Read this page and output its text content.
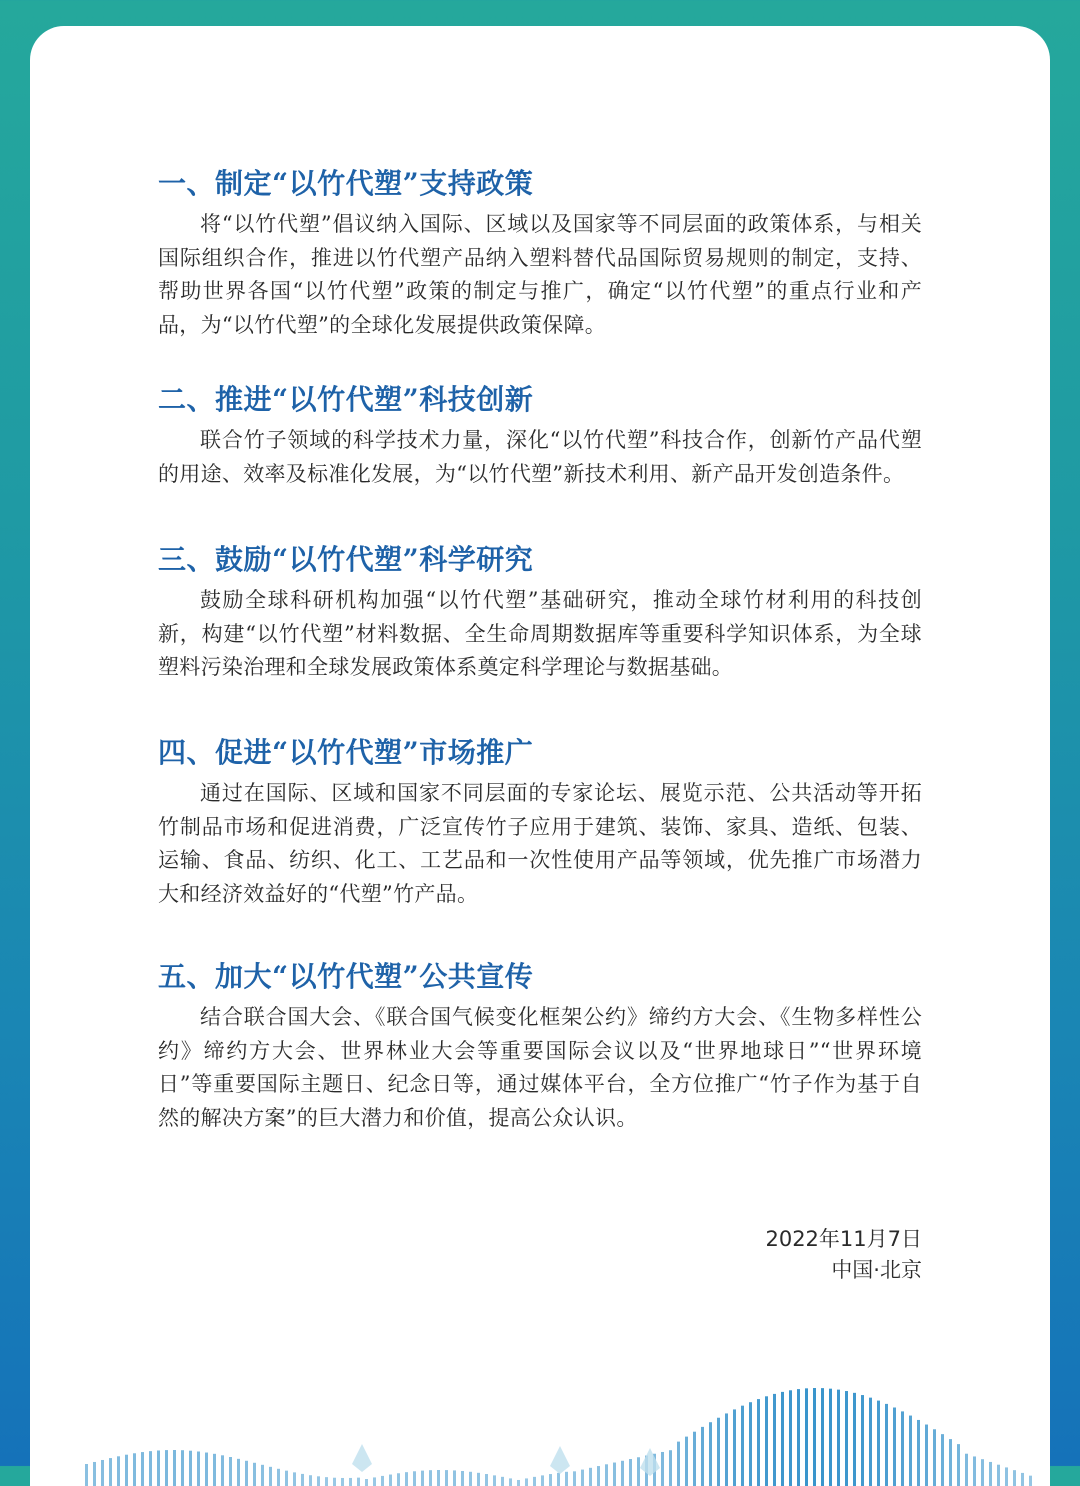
一、制定“以竹代塑”支持政策

将“以竹代塑”倡议纳入国际、区域以及国家等不同层面的政策体系，与相关国际组织合作，推进以竹代塑产品纳入塑料替代品国际贸易规则的制定，支持、帮助世界各国“以竹代塑”政策的制定与推广，确定“以竹代塑”的重点行业和产品，为“以竹代塑”的全球化发展提供政策保障。

二、推进“以竹代塑”科技创新

联合竹子领域的科学技术力量，深化“以竹代塑”科技合作，创新竹产品代塑的用途、效率及标准化发展，为“以竹代塑”新技术利用、新产品开发创造条件。

三、鼓励“以竹代塑”科学研究

鼓励全球科研机构加强“以竹代塑”基础研究，推动全球竹材利用的科技创新，构建“以竹代塑”材料数据、全生命周期数据库等重要科学知识体系，为全球塑料污染治理和全球发展政策体系奠定科学理论与数据基础。

四、促进“以竹代塑”市场推广

通过在国际、区域和国家不同层面的专家论坛、展览示范、公共活动等开拓竹制品市场和促进消费，广泛宣传竹子应用于建筑、装饰、家具、造纸、包装、运输、食品、纺织、化工、工艺品和一次性使用产品等领域，优先推广市场潜力大和经济效益好的“代塑”竹产品。

五、加大“以竹代塑”公共宣传

结合联合国大会、《联合国气候变化框架公约》缔约方大会、《生物多样性公约》缔约方大会、世界林业大会等重要国际会议以及“世界地球日”“世界环境日”等重要国际主题日、纪念日等，通过媒体平台，全方位推广“竹子作为基于自然的解决方案”的巨大潜力和价值，提高公众认识。

2022年11月7日
中国·北京
